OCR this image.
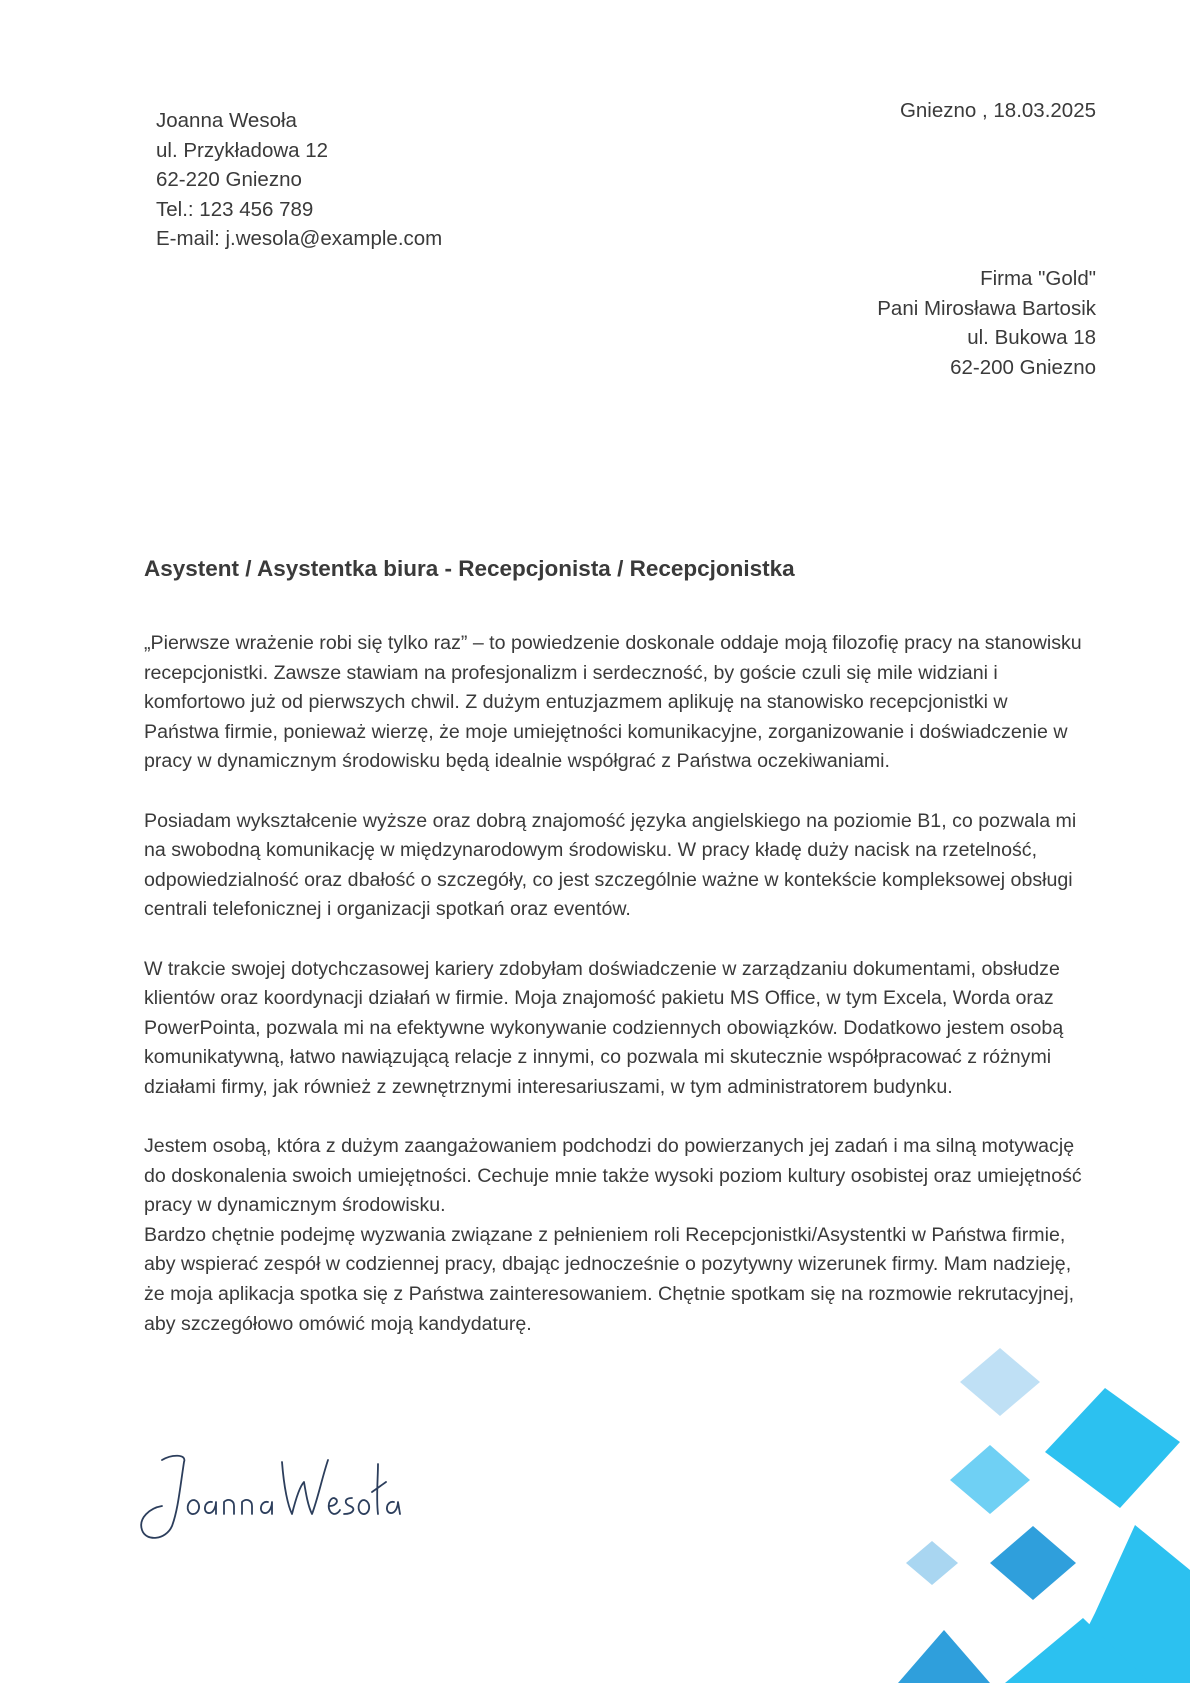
Joanna Wesoła
ul. Przykładowa 12
62-220 Gniezno
Tel.: 123 456 789
E-mail: j.wesola@example.com
Gniezno , 18.03.2025
Firma "Gold"
Pani Mirosława Bartosik
ul. Bukowa 18
62-200 Gniezno
Asystent / Asystentka biura - Recepcjonista / Recepcjonistka

„Pierwsze wrażenie robi się tylko raz” – to powiedzenie doskonale oddaje moją filozofię pracy na stanowisku recepcjonistki. Zawsze stawiam na profesjonalizm i serdeczność, by goście czuli się mile widziani i komfortowo już od pierwszych chwil. Z dużym entuzjazmem aplikuję na stanowisko recepcjonistki w Państwa firmie, ponieważ wierzę, że moje umiejętności komunikacyjne, zorganizowanie i doświadczenie w pracy w dynamicznym środowisku będą idealnie współgrać z Państwa oczekiwaniami.

Posiadam wykształcenie wyższe oraz dobrą znajomość języka angielskiego na poziomie B1, co pozwala mi na swobodną komunikację w międzynarodowym środowisku. W pracy kładę duży nacisk na rzetelność, odpowiedzialność oraz dbałość o szczegóły, co jest szczególnie ważne w kontekście kompleksowej obsługi centrali telefonicznej i organizacji spotkań oraz eventów.

W trakcie swojej dotychczasowej kariery zdobyłam doświadczenie w zarządzaniu dokumentami, obsłudze klientów oraz koordynacji działań w firmie. Moja znajomość pakietu MS Office, w tym Excela, Worda oraz PowerPointa, pozwala mi na efektywne wykonywanie codziennych obowiązków. Dodatkowo jestem osobą komunikatywną, łatwo nawiązującą relacje z innymi, co pozwala mi skutecznie współpracować z różnymi działami firmy, jak również z zewnętrznymi interesariuszami, w tym administratorem budynku.

Jestem osobą, która z dużym zaangażowaniem podchodzi do powierzanych jej zadań i ma silną motywację do doskonalenia swoich umiejętności. Cechuje mnie także wysoki poziom kultury osobistej oraz umiejętność pracy w dynamicznym środowisku.

Bardzo chętnie podejmę wyzwania związane z pełnieniem roli Recepcjonistki/Asystentki w Państwa firmie, aby wspierać zespół w codziennej pracy, dbając jednocześnie o pozytywny wizerunek firmy. Mam nadzieję, że moja aplikacja spotka się z Państwa zainteresowaniem. Chętnie spotkam się na rozmowie rekrutacyjnej, aby szczegółowo omówić moją kandydaturę.
